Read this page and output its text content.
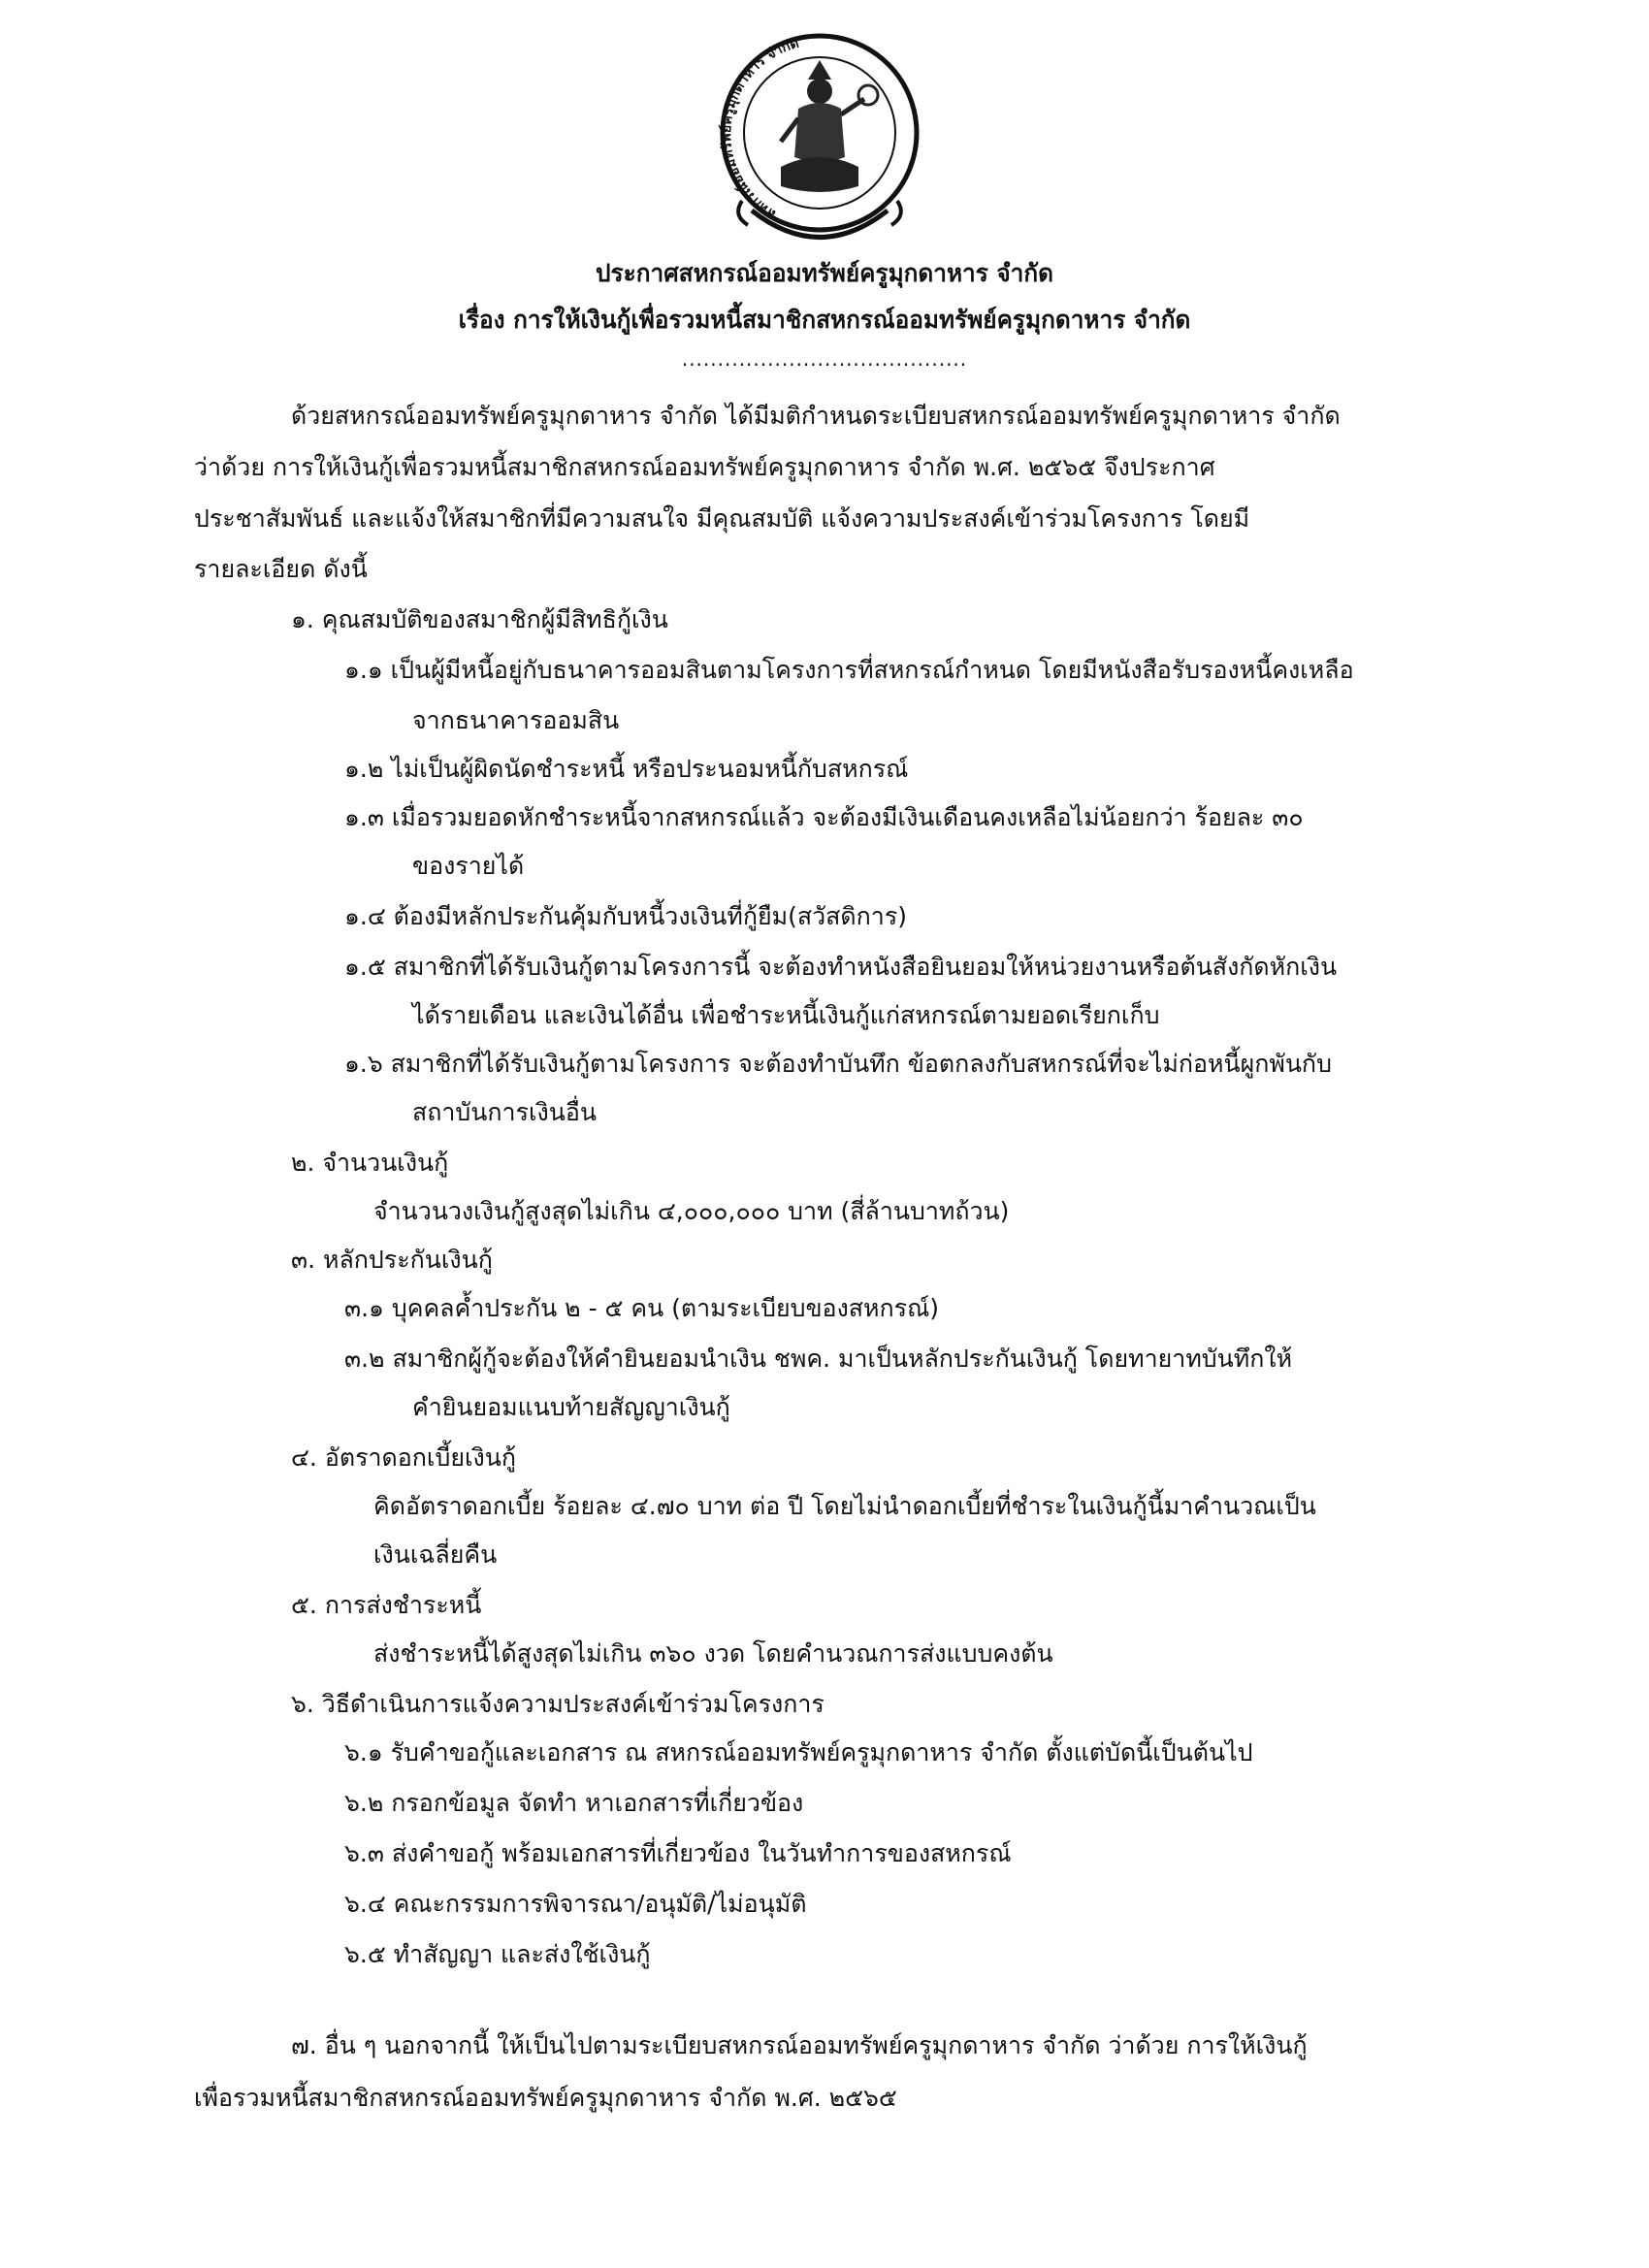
สหกรณ์ออมทรัพย์ครูมุกดาหาร จำกัด
ประกาศสหกรณ์ออมทรัพย์ครูมุกดาหาร จำกัด
เรื่อง การให้เงินกู้เพื่อรวมหนี้สมาชิกสหกรณ์ออมทรัพย์ครูมุกดาหาร จำกัด
........................................
ด้วยสหกรณ์ออมทรัพย์ครูมุกดาหาร จำกัด ได้มีมติกำหนดระเบียบสหกรณ์ออมทรัพย์ครูมุกดาหาร จำกัด
ว่าด้วย การให้เงินกู้เพื่อรวมหนี้สมาชิกสหกรณ์ออมทรัพย์ครูมุกดาหาร จำกัด พ.ศ. ๒๕๖๕ จึงประกาศ
ประชาสัมพันธ์ และแจ้งให้สมาชิกที่มีความสนใจ มีคุณสมบัติ แจ้งความประสงค์เข้าร่วมโครงการ โดยมี
รายละเอียด ดังนี้
๑. คุณสมบัติของสมาชิกผู้มีสิทธิกู้เงิน
๑.๑ เป็นผู้มีหนี้อยู่กับธนาคารออมสินตามโครงการที่สหกรณ์กำหนด โดยมีหนังสือรับรองหนี้คงเหลือ
จากธนาคารออมสิน
๑.๒ ไม่เป็นผู้ผิดนัดชำระหนี้ หรือประนอมหนี้กับสหกรณ์
๑.๓ เมื่อรวมยอดหักชำระหนี้จากสหกรณ์แล้ว จะต้องมีเงินเดือนคงเหลือไม่น้อยกว่า ร้อยละ ๓๐
ของรายได้
๑.๔ ต้องมีหลักประกันคุ้มกับหนี้วงเงินที่กู้ยืม(สวัสดิการ)
๑.๕ สมาชิกที่ได้รับเงินกู้ตามโครงการนี้ จะต้องทำหนังสือยินยอมให้หน่วยงานหรือต้นสังกัดหักเงิน
ได้รายเดือน และเงินได้อื่น เพื่อชำระหนี้เงินกู้แก่สหกรณ์ตามยอดเรียกเก็บ
๑.๖ สมาชิกที่ได้รับเงินกู้ตามโครงการ จะต้องทำบันทึก ข้อตกลงกับสหกรณ์ที่จะไม่ก่อหนี้ผูกพันกับ
สถาบันการเงินอื่น
๒. จำนวนเงินกู้
จำนวนวงเงินกู้สูงสุดไม่เกิน ๔,๐๐๐,๐๐๐ บาท (สี่ล้านบาทถ้วน)
๓. หลักประกันเงินกู้
๓.๑ บุคคลค้ำประกัน ๒ - ๕ คน (ตามระเบียบของสหกรณ์)
๓.๒ สมาชิกผู้กู้จะต้องให้คำยินยอมนำเงิน ชพค. มาเป็นหลักประกันเงินกู้ โดยทายาทบันทึกให้
คำยินยอมแนบท้ายสัญญาเงินกู้
๔. อัตราดอกเบี้ยเงินกู้
คิดอัตราดอกเบี้ย ร้อยละ ๔.๗๐ บาท ต่อ ปี โดยไม่นำดอกเบี้ยที่ชำระในเงินกู้นี้มาคำนวณเป็น
เงินเฉลี่ยคืน
๕. การส่งชำระหนี้
ส่งชำระหนี้ได้สูงสุดไม่เกิน ๓๖๐ งวด โดยคำนวณการส่งแบบคงต้น
๖. วิธีดำเนินการแจ้งความประสงค์เข้าร่วมโครงการ
๖.๑ รับคำขอกู้และเอกสาร ณ สหกรณ์ออมทรัพย์ครูมุกดาหาร จำกัด ตั้งแต่บัดนี้เป็นต้นไป
๖.๒ กรอกข้อมูล จัดทำ หาเอกสารที่เกี่ยวข้อง
๖.๓ ส่งคำขอกู้ พร้อมเอกสารที่เกี่ยวข้อง ในวันทำการของสหกรณ์
๖.๔ คณะกรรมการพิจารณา/อนุมัติ/ไม่อนุมัติ
๖.๕ ทำสัญญา และส่งใช้เงินกู้
๗. อื่น ๆ นอกจากนี้ ให้เป็นไปตามระเบียบสหกรณ์ออมทรัพย์ครูมุกดาหาร จำกัด ว่าด้วย การให้เงินกู้
เพื่อรวมหนี้สมาชิกสหกรณ์ออมทรัพย์ครูมุกดาหาร จำกัด พ.ศ. ๒๕๖๕
